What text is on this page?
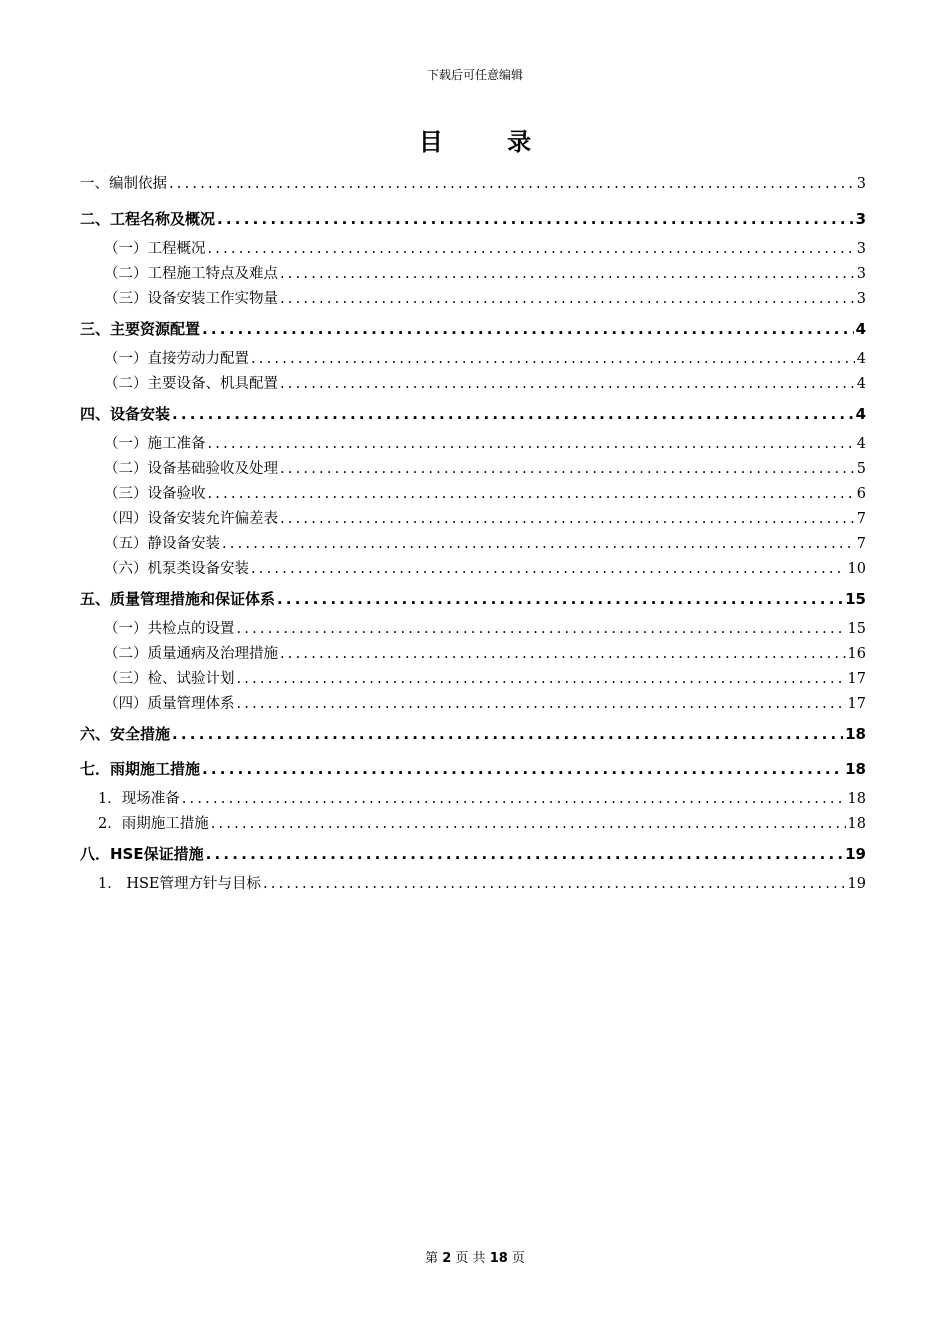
下载后可任意编辑
目 录
一、编制依据 .....	3
二、工程名称及概况 .....	3
（一）工程概况 .....	3
（二）工程施工特点及难点 .....	3
（三）设备安装工作实物量 .....	3
三、主要资源配置 .....	4
（一）直接劳动力配置 .....	4
（二）主要设备、机具配置 .....	4
四、设备安装 .....	4
（一）施工准备 .....	4
（二）设备基础验收及处理 .....	5
（三）设备验收 .....	6
（四）设备安装允许偏差表 .....	7
（五）静设备安装 .....	7
（六）机泵类设备安装 .....	10
五、质量管理措施和保证体系 .....	15
（一）共检点的设置 .....	15
（二）质量通病及治理措施 .....	16
（三）检、试验计划 .....	17
（四）质量管理体系 .....	17
六、安全措施 .....	18
七．雨期施工措施 .....	18
1．现场准备 .....	18
2．雨期施工措施 .....	18
八．HSE保证措施 .....	19
1． HSE管理方针与目标 .....	19
第 2 页 共 18 页
